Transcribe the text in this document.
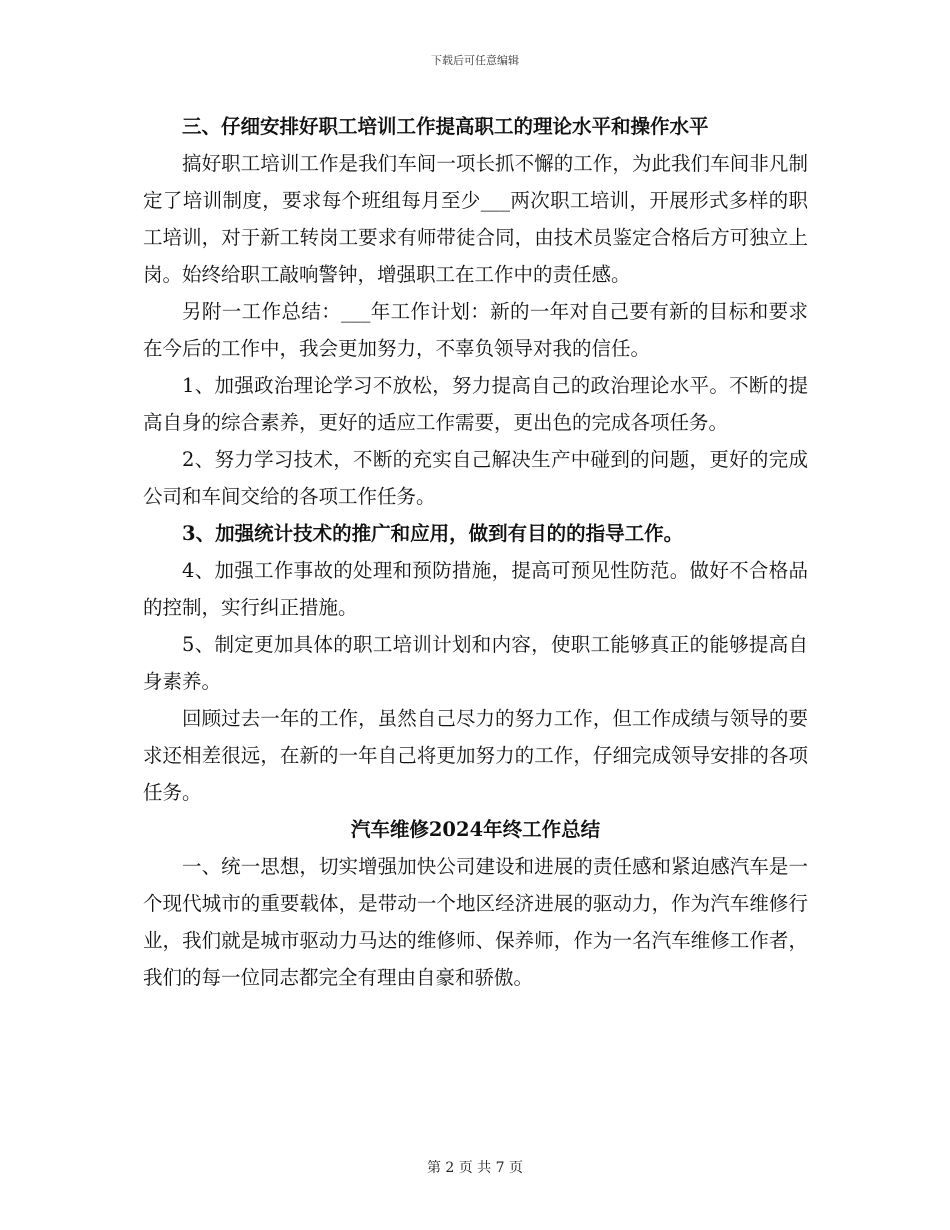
下载后可任意编辑

三、仔细安排好职工培训工作提高职工的理论水平和操作水平

搞好职工培训工作是我们车间一项长抓不懈的工作，为此我们车间非凡制定了培训制度，要求每个班组每月至少___两次职工培训，开展形式多样的职工培训，对于新工转岗工要求有师带徒合同，由技术员鉴定合格后方可独立上岗。始终给职工敲响警钟，增强职工在工作中的责任感。

另附一工作总结：___年工作计划：新的一年对自己要有新的目标和要求在今后的工作中，我会更加努力，不辜负领导对我的信任。

1、加强政治理论学习不放松，努力提高自己的政治理论水平。不断的提高自身的综合素养，更好的适应工作需要，更出色的完成各项任务。

2、努力学习技术，不断的充实自己解决生产中碰到的问题，更好的完成公司和车间交给的各项工作任务。

3、加强统计技术的推广和应用，做到有目的的指导工作。

4、加强工作事故的处理和预防措施，提高可预见性防范。做好不合格品的控制，实行纠正措施。

5、制定更加具体的职工培训计划和内容，使职工能够真正的能够提高自身素养。

回顾过去一年的工作，虽然自己尽力的努力工作，但工作成绩与领导的要求还相差很远，在新的一年自己将更加努力的工作，仔细完成领导安排的各项任务。

汽车维修2024年终工作总结

一、统一思想，切实增强加快公司建设和进展的责任感和紧迫感汽车是一个现代城市的重要载体，是带动一个地区经济进展的驱动力，作为汽车维修行业，我们就是城市驱动力马达的维修师、保养师，作为一名汽车维修工作者，我们的每一位同志都完全有理由自豪和骄傲。

第 2 页 共 7 页
